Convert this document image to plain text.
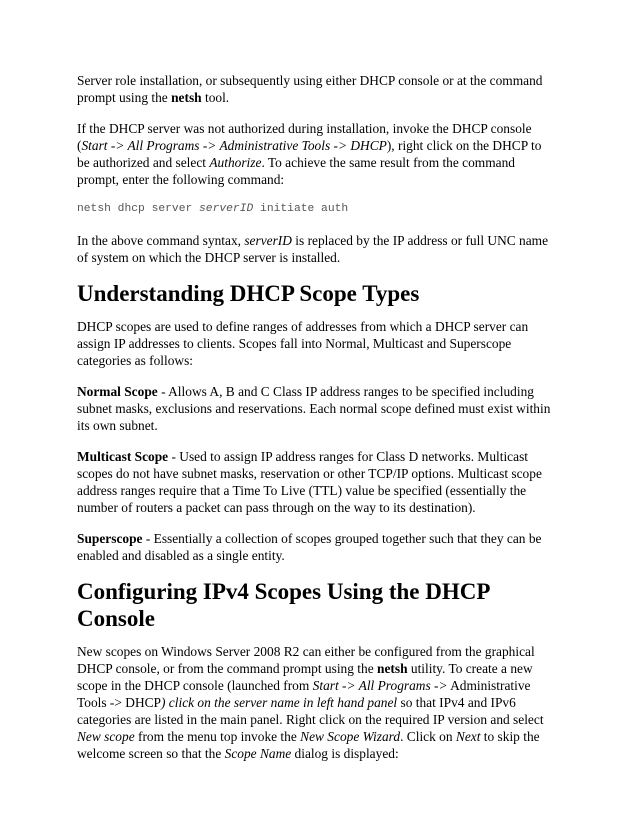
Server role installation, or subsequently using either DHCP console or at the command prompt using the netsh tool.

If the DHCP server was not authorized during installation, invoke the DHCP console (Start -> All Programs -> Administrative Tools -> DHCP), right click on the DHCP to be authorized and select Authorize. To achieve the same result from the command prompt, enter the following command:

netsh dhcp server serverID initiate auth

In the above command syntax, serverID is replaced by the IP address or full UNC name of system on which the DHCP server is installed.

Understanding DHCP Scope Types

DHCP scopes are used to define ranges of addresses from which a DHCP server can assign IP addresses to clients. Scopes fall into Normal, Multicast and Superscope categories as follows:

Normal Scope - Allows A, B and C Class IP address ranges to be specified including subnet masks, exclusions and reservations. Each normal scope defined must exist within its own subnet.

Multicast Scope - Used to assign IP address ranges for Class D networks. Multicast scopes do not have subnet masks, reservation or other TCP/IP options. Multicast scope address ranges require that a Time To Live (TTL) value be specified (essentially the number of routers a packet can pass through on the way to its destination).

Superscope - Essentially a collection of scopes grouped together such that they can be enabled and disabled as a single entity.

Configuring IPv4 Scopes Using the DHCP Console

New scopes on Windows Server 2008 R2 can either be configured from the graphical DHCP console, or from the command prompt using the netsh utility. To create a new scope in the DHCP console (launched from Start -> All Programs -> Administrative Tools -> DHCP) click on the server name in left hand panel so that IPv4 and IPv6 categories are listed in the main panel. Right click on the required IP version and select New scope from the menu top invoke the New Scope Wizard. Click on Next to skip the welcome screen so that the Scope Name dialog is displayed:
